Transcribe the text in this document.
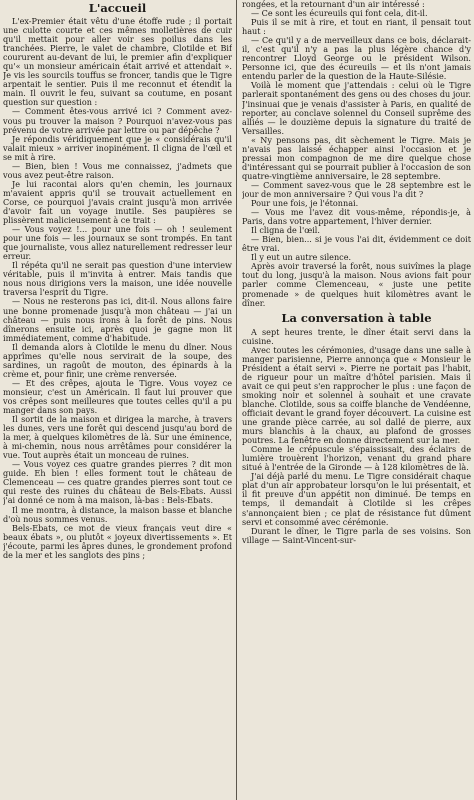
L'accueil

L'ex-Premier était vêtu d'une étoffe rude ; il portait une culotte courte et ces mêmes molletières de cuir qu'il mettait pour aller voir ses poilus dans les tranchées. Pierre, le valet de chambre, Clotilde et Bif coururent au-devant de lui, le premier afin d'expliquer qu'« un monsieur américain était arrivé et attendait ». Je vis les sourcils touffus se froncer, tandis que le Tigre arpentait le sentier. Puis il me reconnut et étendit la main. Il ouvrit le feu, suivant sa coutume, en posant question sur question :

— Comment êtes-vous arrivé ici ? Comment avez-vous pu trouver la maison ? Pourquoi n'avez-vous pas prévenu de votre arrivée par lettre ou par dépêche ?

Je répondis véridiquement que je « considérais qu'il valait mieux » arriver inopinément. Il cligna de l'œil et se mit à rire.

— Bien, bien ! Vous me connaissez, j'admets que vous avez peut-être raison.

Je lui racontai alors qu'en chemin, les journaux m'avaient appris qu'il se trouvait actuellement en Corse, ce pourquoi j'avais craint jusqu'à mon arrivée d'avoir fait un voyage inutile. Ses paupières se plissèrent malicieusement à ce trait :

— Vous voyez !... pour une fois — oh ! seulement pour une fois — les journaux se sont trompés. En tant que journaliste, vous allez naturellement redresser leur erreur.

Il répéta qu'il ne serait pas question d'une interview véritable, puis il m'invita à entrer. Mais tandis que nous nous dirigions vers la maison, une idée nouvelle traversa l'esprit du Tigre.

— Nous ne resterons pas ici, dit-il. Nous allons faire une bonne promenade jusqu'à mon château — j'ai un château — puis nous irons à la forêt de pins. Nous dînerons ensuite ici, après quoi je gagne mon lit immédiatement, comme d'habitude.

Il demanda alors à Clotilde le menu du dîner. Nous apprîmes qu'elle nous servirait de la soupe, des sardines, un ragoût de mouton, des épinards à la crème et, pour finir, une crème renversée.

— Et des crêpes, ajouta le Tigre. Vous voyez ce monsieur, c'est un Américain. Il faut lui prouver que vos crêpes sont meilleures que toutes celles qu'il a pu manger dans son pays.

Il sortit de la maison et dirigea la marche, à travers les dunes, vers une forêt qui descend jusqu'au bord de la mer, à quelques kilomètres de là. Sur une éminence, à mi-chemin, nous nous arrêtâmes pour considérer la vue. Tout auprès était un monceau de ruines.

— Vous voyez ces quatre grandes pierres ? dit mon guide. Eh bien ! elles forment tout le château de Clemenceau — ces quatre grandes pierres sont tout ce qui reste des ruines du château de Bels-Ebats. Aussi j'ai donné ce nom à ma maison, là-bas : Bels-Ebats.

Il me montra, à distance, la maison basse et blanche d'où nous sommes venus.

Bels-Ebats, ce mot de vieux français veut dire « beaux ébats », ou plutôt « joyeux divertissements ». Et j'écoute, parmi les âpres dunes, le grondement profond de la mer et les sanglots des pins ;

rongées, et la retournant d'un air intéressé :

— Ce sont les écureuils qui font cela, dit-il.

Puis il se mit à rire, et tout en riant, il pensait tout haut :

— Ce qu'il y a de merveilleux dans ce bois, déclarait-il, c'est qu'il n'y a pas la plus légère chance d'y rencontrer Lloyd George ou le président Wilson. Personne ici, que des écureuils — et ils n'ont jamais entendu parler de la question de la Haute-Silésie.

Voilà le moment que j'attendais : celui où le Tigre parlerait spontanément des gens ou des choses du jour. J'insinuai que je venais d'assister à Paris, en qualité de reporter, au conclave solennel du Conseil suprême des alliés — le douzième depuis la signature du traité de Versailles.

« Ny pensons pas, dit sèchement le Tigre. Mais je n'avais pas laissé échapper ainsi l'occasion et je pressai mon compagnon de me dire quelque chose d'intéressant qui se pourrait publier à l'occasion de son quatre-vingtième anniversaire, le 28 septembre.

— Comment savez-vous que le 28 septembre est le jour de mon anniversaire ? Qui vous l'a dit ?

Pour une fois, je l'étonnai.

— Vous me l'avez dit vous-même, répondis-je, à Paris, dans votre appartement, l'hiver dernier.

Il cligna de l'œil.

— Bien, bien... si je vous l'ai dit, évidemment ce doit être vrai.

Il y eut un autre silence.

Après avoir traversé la forêt, nous suivîmes la plage tout du long, jusqu'à la maison. Nous avions fait pour parler comme Clemenceau, « juste une petite promenade » de quelques huit kilomètres avant le dîner.

La conversation à table

A sept heures trente, le dîner était servi dans la cuisine.

Avec toutes les cérémonies, d'usage dans une salle à manger parisienne, Pierre annonça que « Monsieur le Président a était servi ». Pierre ne portait pas l'habit, de rigueur pour un maître d'hôtel parisien. Mais il avait ce qui peut s'en rapprocher le plus : une façon de smoking noir et solennel à souhait et une cravate blanche. Clotilde, sous sa coiffe blanche de Vendéenne, officiait devant le grand foyer découvert. La cuisine est une grande pièce carrée, au sol dallé de pierre, aux murs blanchis à la chaux, au plafond de grosses poutres. La fenêtre en donne directement sur la mer.

Comme le crépuscule s'épaississait, des éclairs de lumière trouèrent l'horizon, venant du grand phare situé à l'entrée de la Gironde — à 128 kilomètres de là.

J'ai déjà parlé du menu. Le Tigre considérait chaque plat d'un air approbateur lorsqu'on le lui présentait, et il fit preuve d'un appétit non diminué. De temps en temps, il demandait à Clotilde si les crêpes s'annonçaient bien ; ce plat de résistance fut dûment servi et consommé avec cérémonie.

Durant le dîner, le Tigre parla de ses voisins. Son village — Saint-Vincent-sur-
